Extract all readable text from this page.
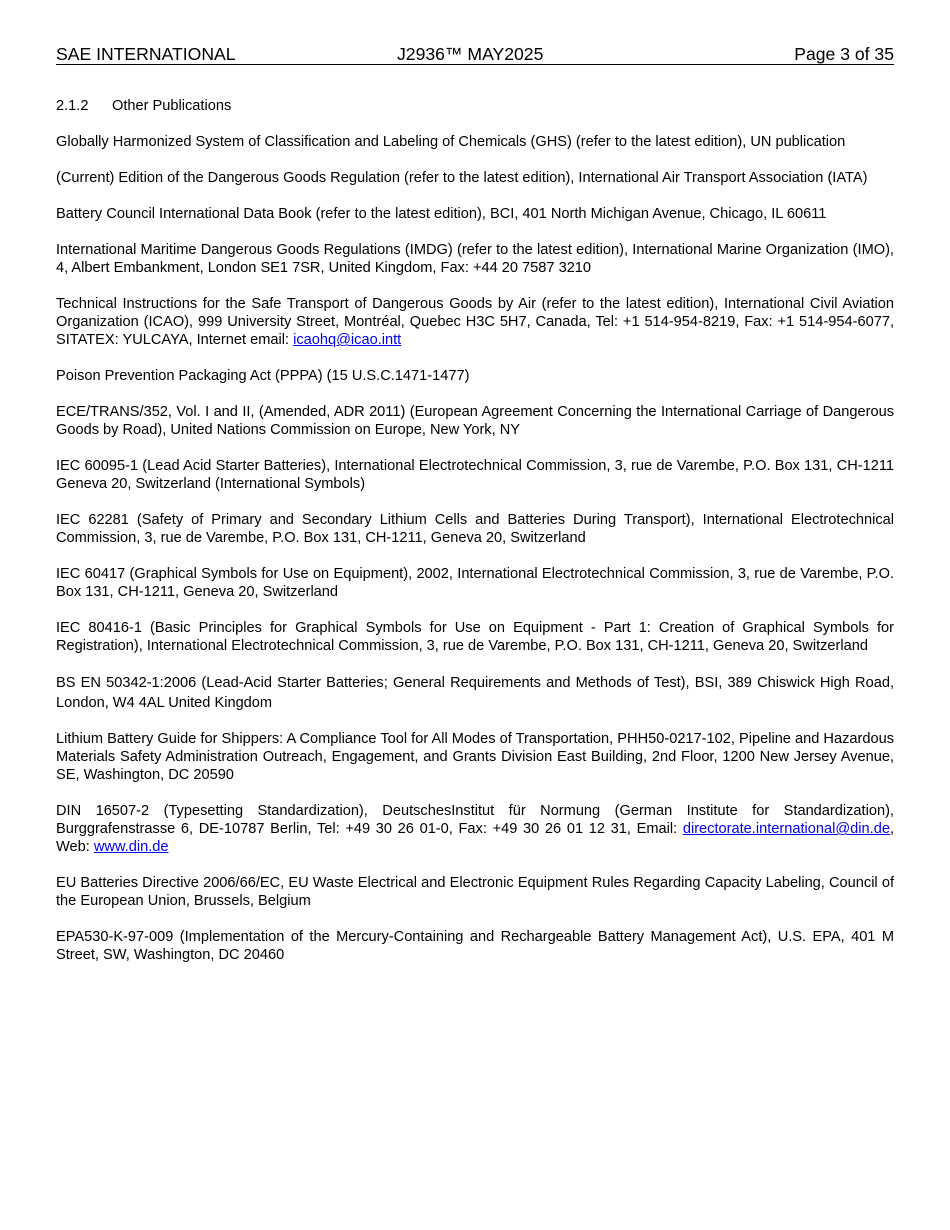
SAE INTERNATIONAL	J2936™ MAY2025	Page 3 of 35
2.1.2 Other Publications

Globally Harmonized System of Classification and Labeling of Chemicals (GHS) (refer to the latest edition), UN publication

(Current) Edition of the Dangerous Goods Regulation (refer to the latest edition), International Air Transport Association (IATA)

Battery Council International Data Book (refer to the latest edition), BCI, 401 North Michigan Avenue, Chicago, IL 60611

International Maritime Dangerous Goods Regulations (IMDG) (refer to the latest edition), International Marine Organization (IMO), 4, Albert Embankment, London SE1 7SR, United Kingdom, Fax: +44 20 7587 3210

Technical Instructions for the Safe Transport of Dangerous Goods by Air (refer to the latest edition), International Civil Aviation Organization (ICAO), 999 University Street, Montréal, Quebec H3C 5H7, Canada, Tel: +1 514-954-8219, Fax: +1 514-954-6077, SITATEX: YULCAYA, Internet email: icaohq@icao.intt

Poison Prevention Packaging Act (PPPA) (15 U.S.C.1471-1477)

ECE/TRANS/352, Vol. I and II, (Amended, ADR 2011) (European Agreement Concerning the International Carriage of Dangerous Goods by Road), United Nations Commission on Europe, New York, NY

IEC 60095-1 (Lead Acid Starter Batteries), International Electrotechnical Commission, 3, rue de Varembe, P.O. Box 131, CH-1211 Geneva 20, Switzerland (International Symbols)

IEC 62281 (Safety of Primary and Secondary Lithium Cells and Batteries During Transport), International Electrotechnical Commission, 3, rue de Varembe, P.O. Box 131, CH-1211, Geneva 20, Switzerland

IEC 60417 (Graphical Symbols for Use on Equipment), 2002, International Electrotechnical Commission, 3, rue de Varembe, P.O. Box 131, CH-1211, Geneva 20, Switzerland

IEC 80416-1 (Basic Principles for Graphical Symbols for Use on Equipment - Part 1: Creation of Graphical Symbols for Registration), International Electrotechnical Commission, 3, rue de Varembe, P.O. Box 131, CH-1211, Geneva 20, Switzerland

BS EN 50342-1:2006 (Lead-Acid Starter Batteries; General Requirements and Methods of Test), BSI, 389 Chiswick High Road, London, W4 4AL United Kingdom

Lithium Battery Guide for Shippers: A Compliance Tool for All Modes of Transportation, PHH50-0217-102, Pipeline and Hazardous Materials Safety Administration Outreach, Engagement, and Grants Division East Building, 2nd Floor, 1200 New Jersey Avenue, SE, Washington, DC 20590

DIN 16507-2 (Typesetting Standardization), DeutschesInstitut für Normung (German Institute for Standardization), Burggrafenstrasse 6, DE-10787 Berlin, Tel: +49 30 26 01-0, Fax: +49 30 26 01 12 31, Email: directorate.international@din.de, Web: www.din.de

EU Batteries Directive 2006/66/EC, EU Waste Electrical and Electronic Equipment Rules Regarding Capacity Labeling, Council of the European Union, Brussels, Belgium

EPA530-K-97-009 (Implementation of the Mercury-Containing and Rechargeable Battery Management Act), U.S. EPA, 401 M Street, SW, Washington, DC 20460
